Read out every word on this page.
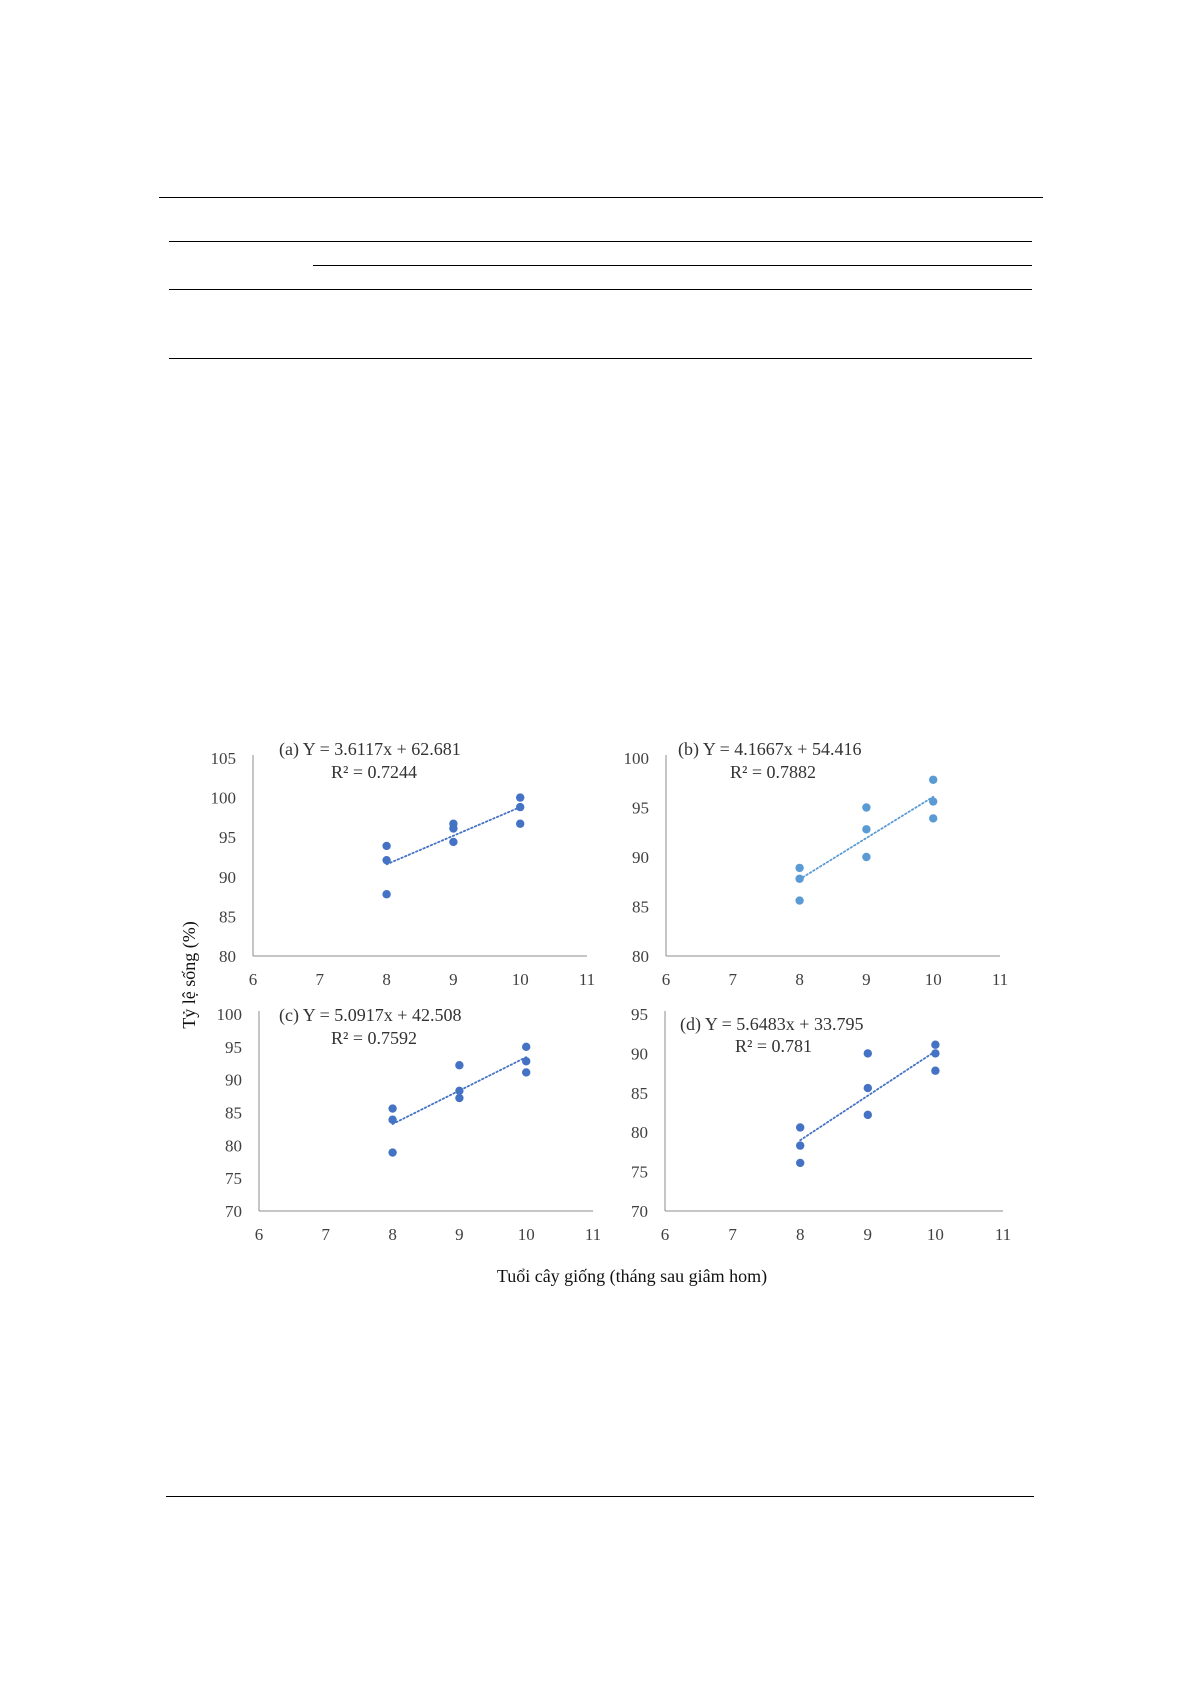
Tỷ lệ sống (%)
Tuổi cây giống (tháng sau giâm hom)
80
85
90
95
100
105
6	7	8	9	10	11
(a) Y = 3.6117x + 62.681
R² = 0.7244
80
85
90
95
100
6	7	8	9	10	11
(b) Y = 4.1667x + 54.416
R² = 0.7882
70
75
80
85
90
95
100
6	7	8	9	10	11
(c) Y = 5.0917x + 42.508
R² = 0.7592
70
75
80
85
90
95
6	7	8	9	10	11
(d) Y = 5.6483x + 33.795
R² = 0.781
